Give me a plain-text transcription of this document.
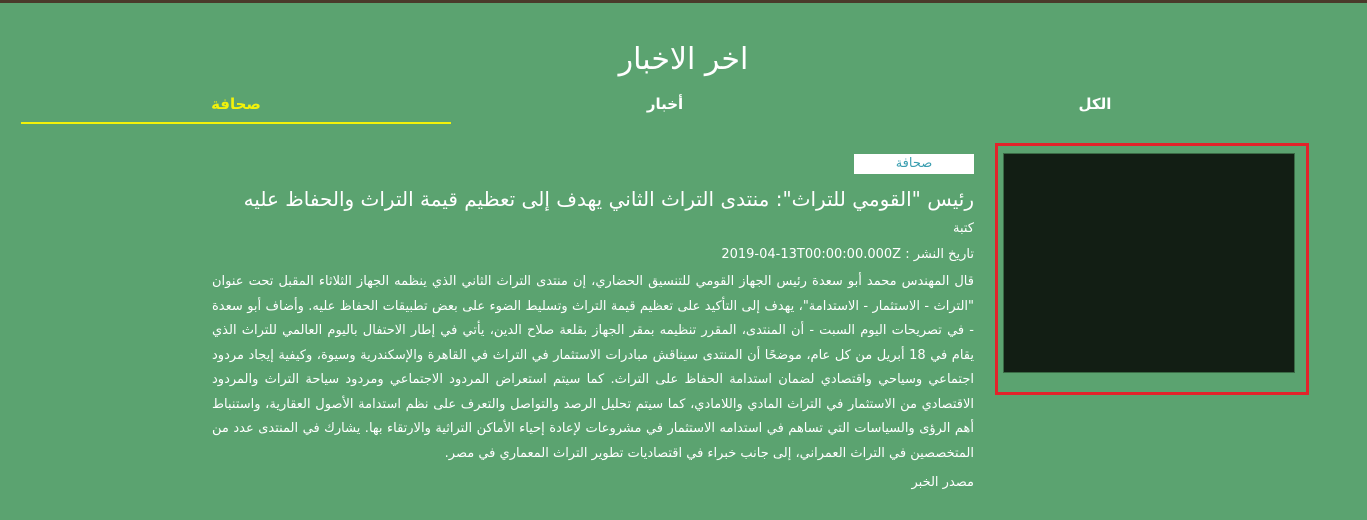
اخر الاخبار
الكل
أخبار
صحافة
صحافة
رئيس "القومي للتراث": منتدى التراث الثاني يهدف إلى تعظيم قيمة التراث والحفاظ عليه
كتبة
تاريخ النشر : 2019-04-13T00:00:00.000Z
قال المهندس محمد أبو سعدة رئيس الجهاز القومي للتنسيق الحضاري، إن منتدى التراث الثاني الذي ينظمه الجهاز الثلاثاء المقبل تحت عنوان "التراث - الاستثمار - الاستدامة"، يهدف إلى التأكيد على تعظيم قيمة التراث وتسليط الضوء على بعض تطبيقات الحفاظ عليه. وأضاف أبو سعدة - في تصريحات اليوم السبت - أن المنتدى، المقرر تنظيمه بمقر الجهاز بقلعة صلاح الدين، يأتي في إطار الاحتفال باليوم العالمي للتراث الذي يقام في 18 أبريل من كل عام، موضحًا أن المنتدى سيناقش مبادرات الاستثمار في التراث في القاهرة والإسكندرية وسيوة، وكيفية إيجاد مردود اجتماعي وسياحي واقتصادي لضمان استدامة الحفاظ على التراث. كما سيتم استعراض المردود الاجتماعي ومردود سياحة التراث والمردود الاقتصادي من الاستثمار في التراث المادي واللامادي، كما سيتم تحليل الرصد والتواصل والتعرف على نظم استدامة الأصول العقارية، واستنباط أهم الرؤى والسياسات التي تساهم في استدامه الاستثمار في مشروعات لإعادة إحياء الأماكن التراثية والارتقاء بها. يشارك في المنتدى عدد من المتخصصين في التراث العمراني، إلى جانب خبراء في اقتصاديات تطوير التراث المعماري في مصر.
مصدر الخبر
